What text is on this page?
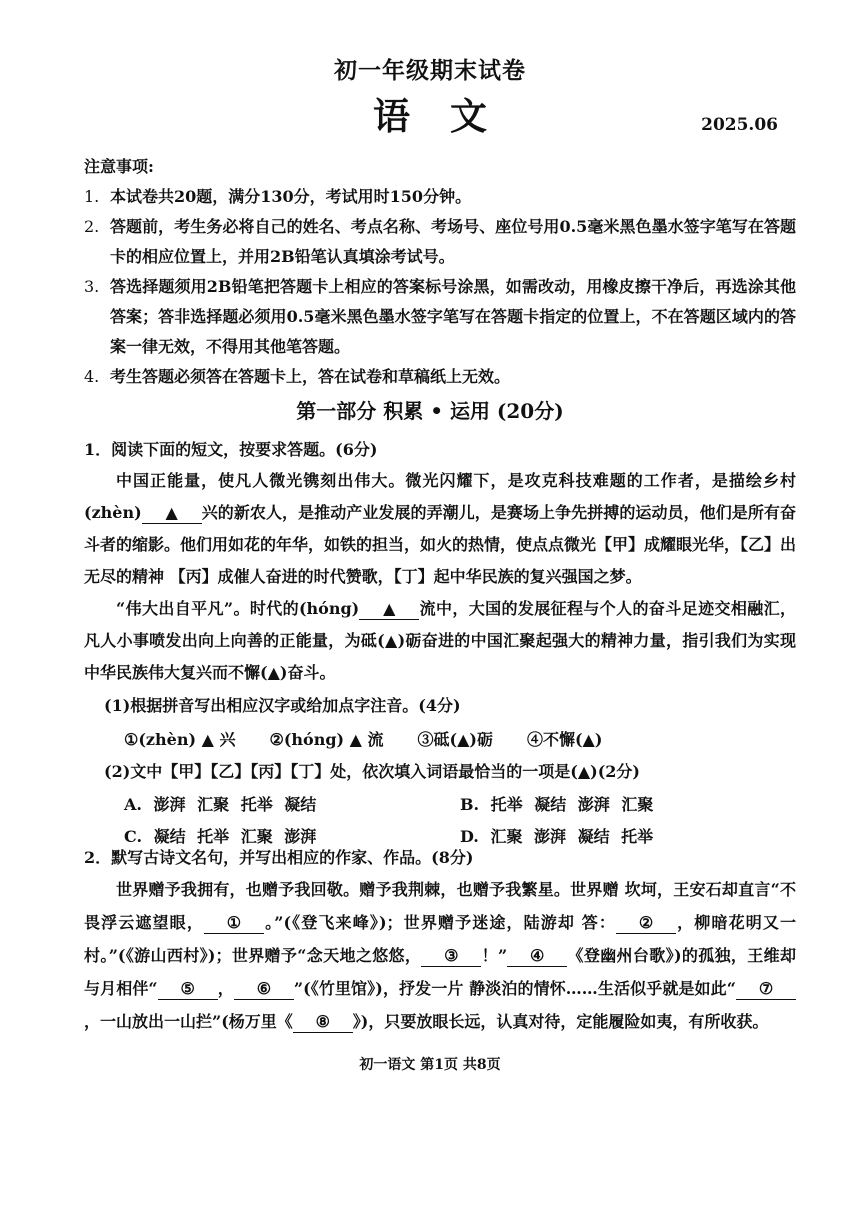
初一年级期末试卷

语文	2025.06

注意事项:

1. 本试卷共20题，满分130分，考试用时150分钟。
2. 答题前，考生务必将自己的姓名、考点名称、考场号、座位号用0.5毫米黑色墨水签字笔写在答题卡的相应位置上，并用2B铅笔认真填涂考试号。
3. 答选择题须用2B铅笔把答题卡上相应的答案标号涂黑，如需改动，用橡皮擦干净后，再选涂其他答案；答非选择题必须用0.5毫米黑色墨水签字笔写在答题卡指定的位置上，不在答题区域内的答案一律无效，不得用其他笔答题。
4. 考生答题必须答在答题卡上，答在试卷和草稿纸上无效。
第一部分 积累 • 运用 (20分)

1．阅读下面的短文，按要求答题。(6分)

中国正能量，使凡人微光镌刻出伟大。微光闪耀下，是攻克科技难题的工作者，是描绘乡村(zhèn) ▲ 兴的新农人，是推动产业发展的弄潮儿，是赛场上争先拼搏的运动员，他们是所有奋斗者的缩影。他们用如花的年华，如铁的担当，如火的热情，使点点微光【甲】成耀眼光华，【乙】出无尽的精神 【丙】成催人奋进的时代赞歌，【丁】起中华民族的复兴强国之梦。

“伟大出自平凡”。时代的(hóng) ▲ 流中，大国的发展征程与个人的奋斗足迹交相融汇，凡人小事喷发出向上向善的正能量，为砥(▲)砺奋进的中国汇聚起强大的精神力量，指引我们为实现中华民族伟大复兴而不懈(▲)奋斗。

(1)根据拼音写出相应汉字或给加点字注音。(4分)

①(zhèn) ▲ 兴 ②(hóng) ▲ 流 ③砥(▲)砺 ④不懈(▲)

(2)文中【甲】【乙】【丙】【丁】处，依次填入词语最恰当的一项是(▲)(2分)

A. 澎湃 汇聚 托举 凝结	B. 托举 凝结 澎湃 汇聚
C. 凝结 托举 汇聚 澎湃	D. 汇聚 澎湃 凝结 托举

2．默写古诗文名句，并写出相应的作家、作品。(8分)

世界赠予我拥有，也赠予我回敬。赠予我荆棘，也赠予我繁星。世界赠 坎坷，王安石却直言“不畏浮云遮望眼， ① 。”(《登飞来峰》)；世界赠予迷途，陆游却 答： ② ，柳暗花明又一村。”(《游山西村》)；世界赠予“念天地之悠悠， ③ ！” ④ 《登幽州台歌》)的孤独，王维却与月相伴“ ⑤ ， ⑥ ”(《竹里馆》)，抒发一片 静淡泊的情怀……生活似乎就是如此“ ⑦，一山放出一山拦”(杨万里《 ⑧ 》)，只要放眼长远，认真对待，定能履险如夷，有所收获。

初一语文 第1页 共8页
